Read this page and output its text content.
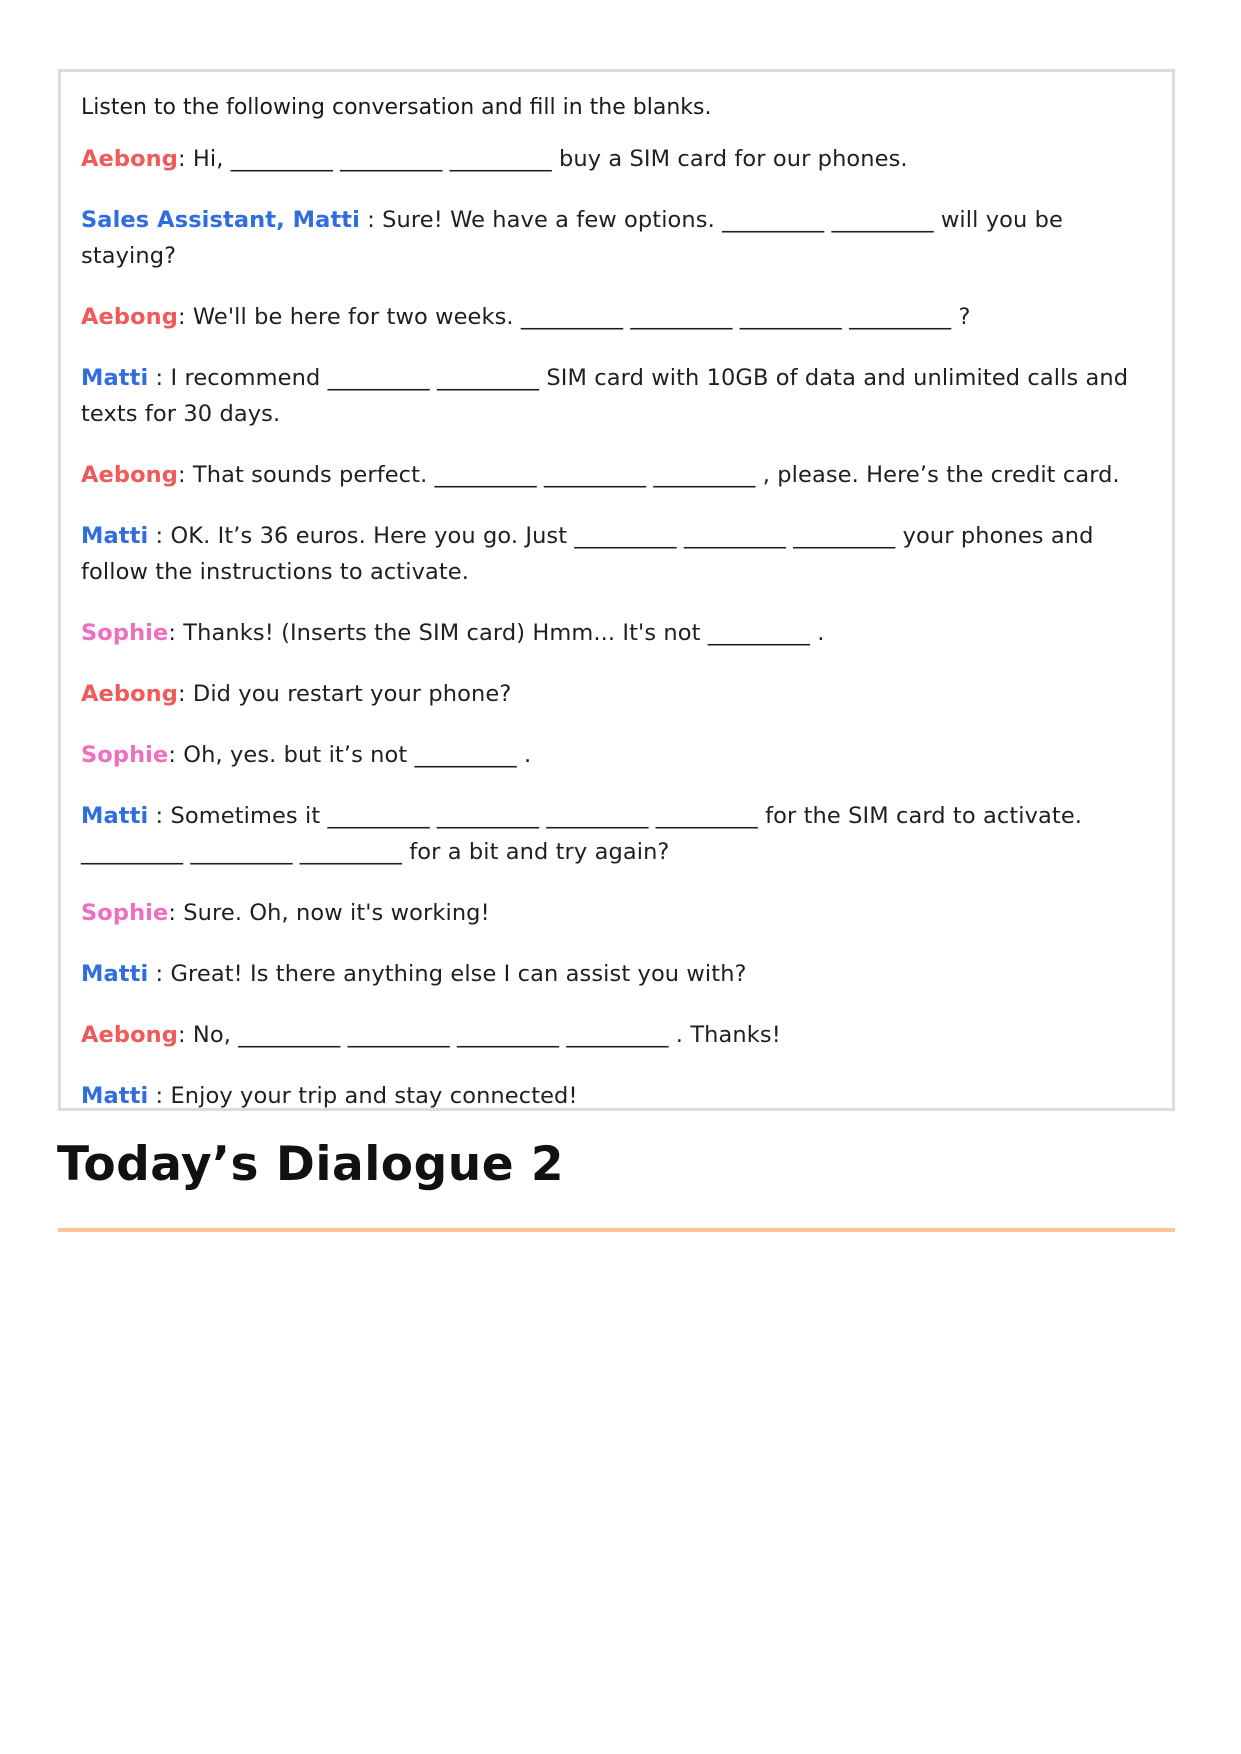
Listen to the following conversation and fill in the blanks.
Aebong: Hi, _________ _________ _________ buy a SIM card for our phones.
Sales Assistant, Matti : Sure! We have a few options. _________ _________ will you be staying?
Aebong: We'll be here for two weeks. _________ _________ _________ _________ ?
Matti : I recommend _________ _________ SIM card with 10GB of data and unlimited calls and texts for 30 days.
Aebong: That sounds perfect. _________ _________ _________ , please. Here’s the credit card.
Matti : OK. It’s 36 euros. Here you go. Just _________ _________ _________ your phones and follow the instructions to activate.
Sophie: Thanks! (Inserts the SIM card) Hmm... It's not _________ .
Aebong: Did you restart your phone?
Sophie: Oh, yes. but it’s not _________ .
Matti : Sometimes it _________ _________ _________ _________ for the SIM card to activate. _________ _________ _________ for a bit and try again?
Sophie: Sure. Oh, now it's working!
Matti : Great! Is there anything else I can assist you with?
Aebong: No, _________ _________ _________ _________ . Thanks!
Matti : Enjoy your trip and stay connected!
Today’s Dialogue 2
